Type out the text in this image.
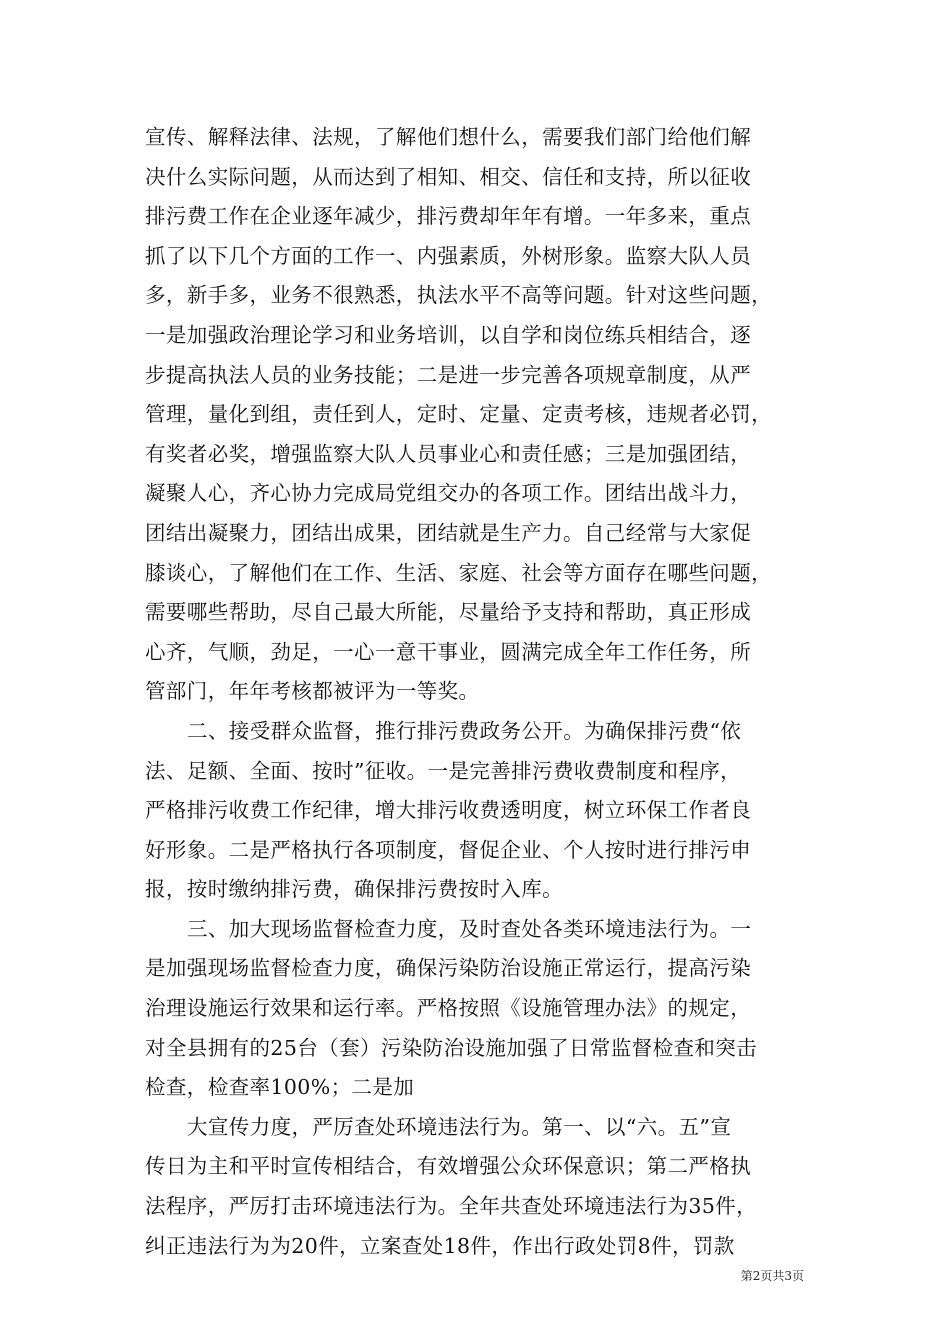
宣传、解释法律、法规，了解他们想什么，需要我们部门给他们解
决什么实际问题，从而达到了相知、相交、信任和支持，所以征收
排污费工作在企业逐年减少，排污费却年年有增。一年多来，重点
抓了以下几个方面的工作一、内强素质，外树形象。监察大队人员
多，新手多，业务不很熟悉，执法水平不高等问题。针对这些问题，
一是加强政治理论学习和业务培训，以自学和岗位练兵相结合，逐
步提高执法人员的业务技能；二是进一步完善各项规章制度，从严
管理，量化到组，责任到人，定时、定量、定责考核，违规者必罚，
有奖者必奖，增强监察大队人员事业心和责任感；三是加强团结，
凝聚人心，齐心协力完成局党组交办的各项工作。团结出战斗力，
团结出凝聚力，团结出成果，团结就是生产力。自己经常与大家促
膝谈心，了解他们在工作、生活、家庭、社会等方面存在哪些问题，
需要哪些帮助，尽自己最大所能，尽量给予支持和帮助，真正形成
心齐，气顺，劲足，一心一意干事业，圆满完成全年工作任务，所
管部门，年年考核都被评为一等奖。
二、接受群众监督，推行排污费政务公开。为确保排污费“依
法、足额、全面、按时”征收。一是完善排污费收费制度和程序，
严格排污收费工作纪律，增大排污收费透明度，树立环保工作者良
好形象。二是严格执行各项制度，督促企业、个人按时进行排污申
报，按时缴纳排污费，确保排污费按时入库。
三、加大现场监督检查力度，及时查处各类环境违法行为。一
是加强现场监督检查力度，确保污染防治设施正常运行，提高污染
治理设施运行效果和运行率。严格按照《设施管理办法》的规定，
对全县拥有的25台（套）污染防治设施加强了日常监督检查和突击
检查，检查率100%；二是加
大宣传力度，严厉查处环境违法行为。第一、以“六。五”宣
传日为主和平时宣传相结合，有效增强公众环保意识；第二严格执
法程序，严厉打击环境违法行为。全年共查处环境违法行为35件，
纠正违法行为为20件，立案查处18件，作出行政处罚8件，罚款
第2页共3页
